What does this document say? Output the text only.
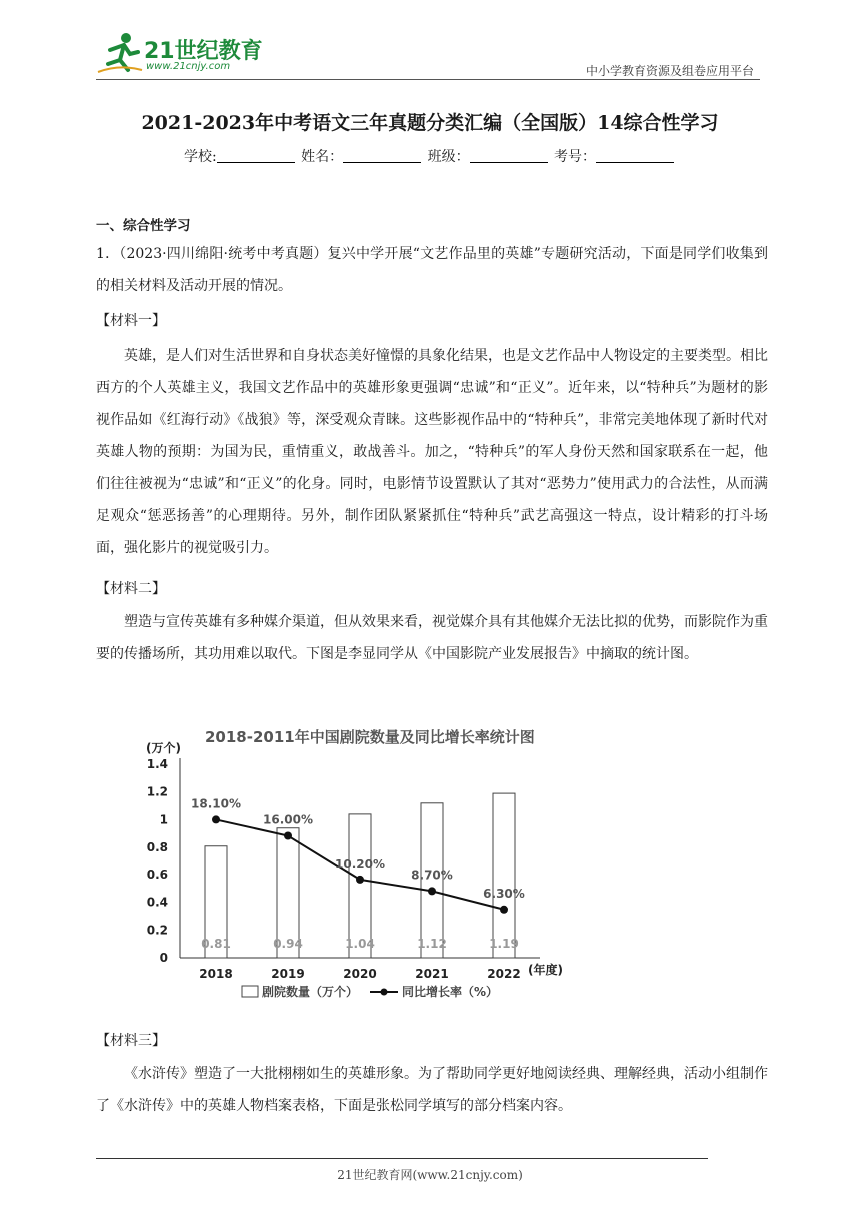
21世纪教育
www.21cnjy.com	中小学教育资源及组卷应用平台
2021-2023年中考语文三年真题分类汇编（全国版）14综合性学习
学校:	姓名：	班级：	考号：
一、综合性学习
1．（2023·四川绵阳·统考中考真题）复兴中学开展“文艺作品里的英雄”专题研究活动，下面是同学们收集到的相关材料及活动开展的情况。
【材料一】
英雄，是人们对生活世界和自身状态美好憧憬的具象化结果，也是文艺作品中人物设定的主要类型。相比西方的个人英雄主义，我国文艺作品中的英雄形象更强调“忠诚”和“正义”。近年来，以“特种兵”为题材的影视作品如《红海行动》《战狼》等，深受观众青睐。这些影视作品中的“特种兵”，非常完美地体现了新时代对英雄人物的预期：为国为民，重情重义，敢战善斗。加之，“特种兵”的军人身份天然和国家联系在一起，他们往往被视为“忠诚”和“正义”的化身。同时，电影情节设置默认了其对“恶势力”使用武力的合法性，从而满足观众“惩恶扬善”的心理期待。另外，制作团队紧紧抓住“特种兵”武艺高强这一特点，设计精彩的打斗场面，强化影片的视觉吸引力。
【材料二】
塑造与宣传英雄有多种媒介渠道，但从效果来看，视觉媒介具有其他媒介无法比拟的优势，而影院作为重要的传播场所，其功用难以取代。下图是李显同学从《中国影院产业发展报告》中摘取的统计图。
2018-2011年中国剧院数量及同比增长率统计图
(万个)
(年度)
0
0.2
0.4
0.6
0.8
1
1.2
1.4
0.81
2018
0.94
2019
1.04
2020
1.12
2021
1.19
2022
18.10%
16.00%
10.20%
8.70%
6.30%
剧院数量（万个）	同比增长率（%）
【材料三】
《水浒传》塑造了一大批栩栩如生的英雄形象。为了帮助同学更好地阅读经典、理解经典，活动小组制作了《水浒传》中的英雄人物档案表格，下面是张松同学填写的部分档案内容。
21世纪教育网(www.21cnjy.com)
